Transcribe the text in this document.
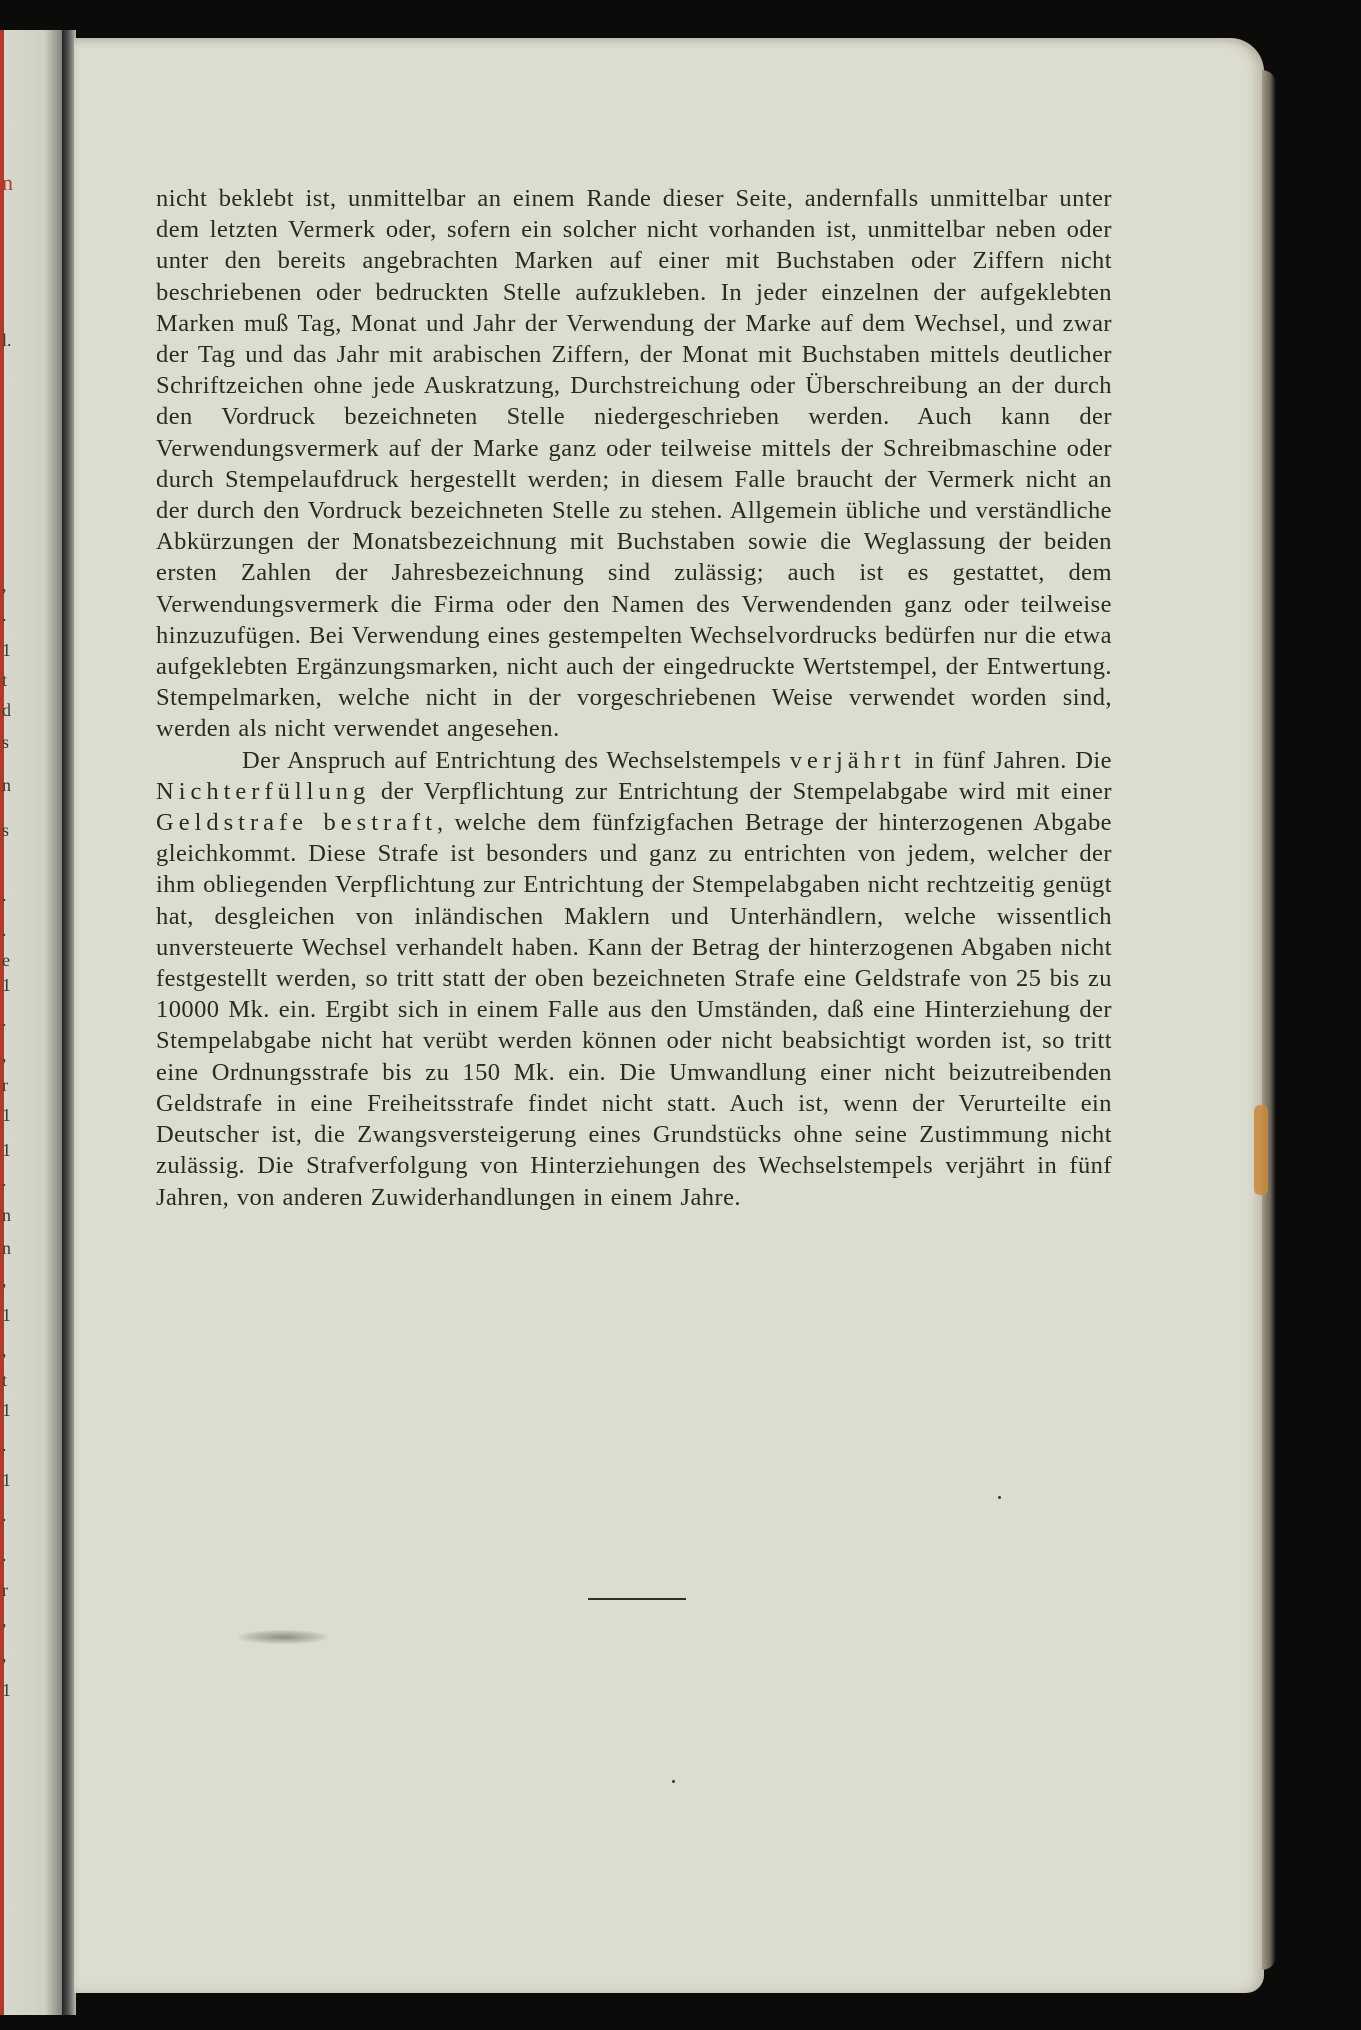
n
l.
,
.
1
t
d
s
n
s
.
.
e
1
.
,
r
1
1
.
n
n
,
1
,
t
1
.
1
.
.
r
,
,
1

nicht beklebt ist, unmittelbar an einem Rande dieser Seite, andernfalls unmittelbar unter dem letzten Vermerk oder, sofern ein solcher nicht vorhanden ist, unmittelbar neben oder unter den bereits angebrachten Marken auf einer mit Buchstaben oder Ziffern nicht beschriebenen oder bedruckten Stelle aufzukleben. In jeder einzelnen der aufgeklebten Marken muß Tag, Monat und Jahr der Verwendung der Marke auf dem Wechsel, und zwar der Tag und das Jahr mit arabischen Ziffern, der Monat mit Buchstaben mittels deutlicher Schriftzeichen ohne jede Auskratzung, Durchstreichung oder Überschreibung an der durch den Vordruck bezeichneten Stelle niedergeschrieben werden. Auch kann der Verwendungsvermerk auf der Marke ganz oder teilweise mittels der Schreibmaschine oder durch Stempelaufdruck hergestellt werden; in diesem Falle braucht der Vermerk nicht an der durch den Vordruck bezeichneten Stelle zu stehen. Allgemein übliche und verständliche Abkürzungen der Monatsbezeichnung mit Buchstaben sowie die Weglassung der beiden ersten Zahlen der Jahresbezeichnung sind zulässig; auch ist es gestattet, dem Verwendungsvermerk die Firma oder den Namen des Verwendenden ganz oder teilweise hinzuzufügen. Bei Verwendung eines gestempelten Wechselvordrucks bedürfen nur die etwa aufgeklebten Ergänzungsmarken, nicht auch der eingedruckte Wertstempel, der Entwertung. Stempelmarken, welche nicht in der vorgeschriebenen Weise verwendet worden sind, werden als nicht verwendet angesehen.

Der Anspruch auf Entrichtung des Wechselstempels verjährt in fünf Jahren. Die Nichterfüllung der Verpflichtung zur Entrichtung der Stempelabgabe wird mit einer Geldstrafe bestraft, welche dem fünfzigfachen Betrage der hinterzogenen Abgabe gleichkommt. Diese Strafe ist besonders und ganz zu entrichten von jedem, welcher der ihm obliegenden Verpflichtung zur Entrichtung der Stempelabgaben nicht rechtzeitig genügt hat, desgleichen von inländischen Maklern und Unterhändlern, welche wissentlich unversteuerte Wechsel verhandelt haben. Kann der Betrag der hinterzogenen Abgaben nicht festgestellt werden, so tritt statt der oben bezeichneten Strafe eine Geldstrafe von 25 bis zu 10000 Mk. ein. Ergibt sich in einem Falle aus den Umständen, daß eine Hinterziehung der Stempelabgabe nicht hat verübt werden können oder nicht beabsichtigt worden ist, so tritt eine Ordnungsstrafe bis zu 150 Mk. ein. Die Umwandlung einer nicht beizutreibenden Geldstrafe in eine Freiheitsstrafe findet nicht statt. Auch ist, wenn der Verurteilte ein Deutscher ist, die Zwangsversteigerung eines Grundstücks ohne seine Zustimmung nicht zulässig. Die Strafverfolgung von Hinterziehungen des Wechselstempels verjährt in fünf Jahren, von anderen Zuwiderhandlungen in einem Jahre.
